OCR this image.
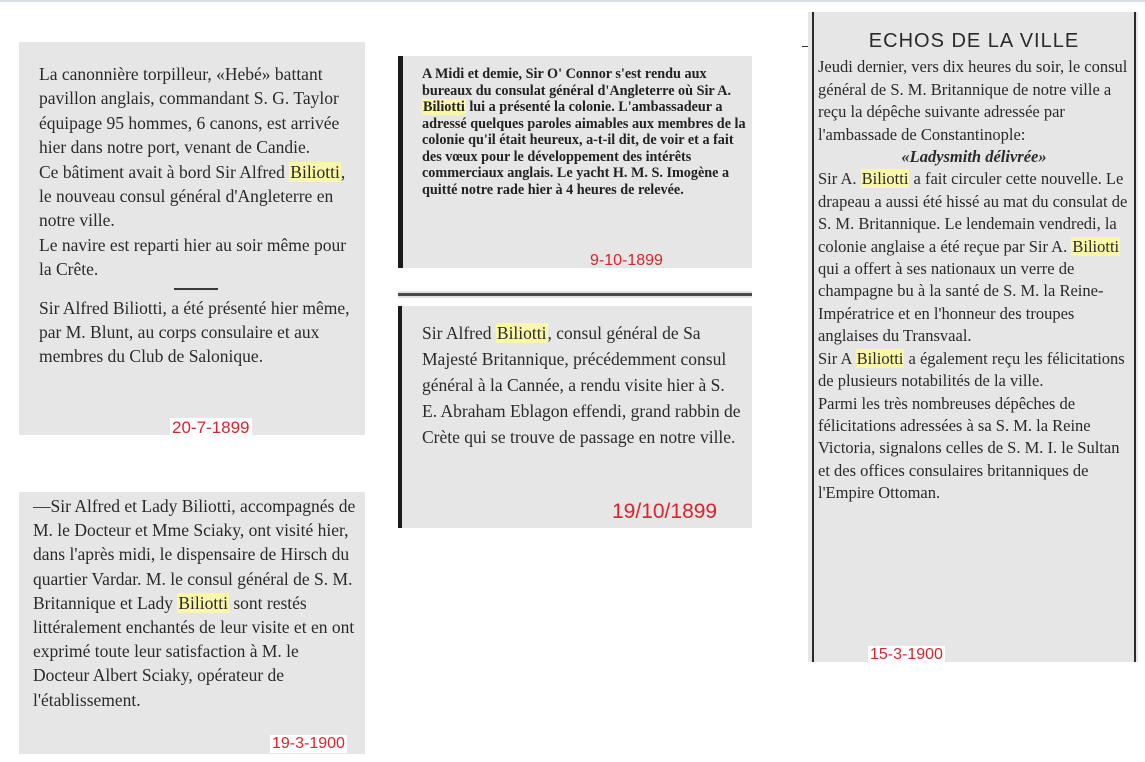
La canonnière torpilleur, «Hebé» battant pavillon anglais, commandant S. G. Taylor équipage 95 hommes, 6 canons, est arrivée hier dans notre port, venant de Candie.

Ce bâtiment avait à bord Sir Alfred Biliotti, le nouveau consul général d'Angleterre en notre ville.

Le navire est reparti hier au soir même pour la Crête.

Sir Alfred Biliotti, a été présenté hier même, par M. Blunt, au corps consulaire et aux membres du Club de Salonique.

20-7-1899

—Sir Alfred et Lady Biliotti, accompagnés de M. le Docteur et Mme Sciaky, ont visité hier, dans l'après midi, le dispensaire de Hirsch du quartier Vardar. M. le consul général de S. M. Britannique et Lady Biliotti sont restés littéralement enchantés de leur visite et en ont exprimé toute leur satisfaction à M. le Docteur Albert Sciaky, opérateur de l'établissement.

19-3-1900

A Midi et demie, Sir O' Connor s'est rendu aux bureaux du consulat général d'Angleterre où Sir A. Biliotti lui a présenté la colonie. L'ambassadeur a adressé quelques paroles aimables aux membres de la colonie qu'il était heureux, a-t-il dit, de voir et a fait des vœux pour le développement des intérêts commerciaux anglais. Le yacht H. M. S. Imogène a quitté notre rade hier à 4 heures de relevée.

9-10-1899

Sir Alfred Biliotti, consul général de Sa Majesté Britannique, précédemment consul général à la Cannée, a rendu visite hier à S. E. Abraham Eblagon effendi, grand rabbin de Crète qui se trouve de passage en notre ville.

19/10/1899
ECHOS DE LA VILLE

Jeudi dernier, vers dix heures du soir, le consul général de S. M. Britannique de notre ville a reçu la dépêche suivante adressée par l'ambassade de Constantinople:

«Ladysmith délivrée»

Sir A. Biliotti a fait circuler cette nouvelle. Le drapeau a aussi été hissé au mat du consulat de S. M. Britannique. Le lendemain vendredi, la colonie anglaise a été reçue par Sir A. Biliotti qui a offert à ses nationaux un verre de champagne bu à la santé de S. M. la Reine-Impératrice et en l'honneur des troupes anglaises du Transvaal.

Sir A Biliotti a également reçu les félicitations de plusieurs notabilités de la ville.

Parmi les très nombreuses dépêches de félicitations adressées à sa S. M. la Reine Victoria, signalons celles de S. M. I. le Sultan et des offices consulaires britanniques de l'Empire Ottoman.

15-3-1900
